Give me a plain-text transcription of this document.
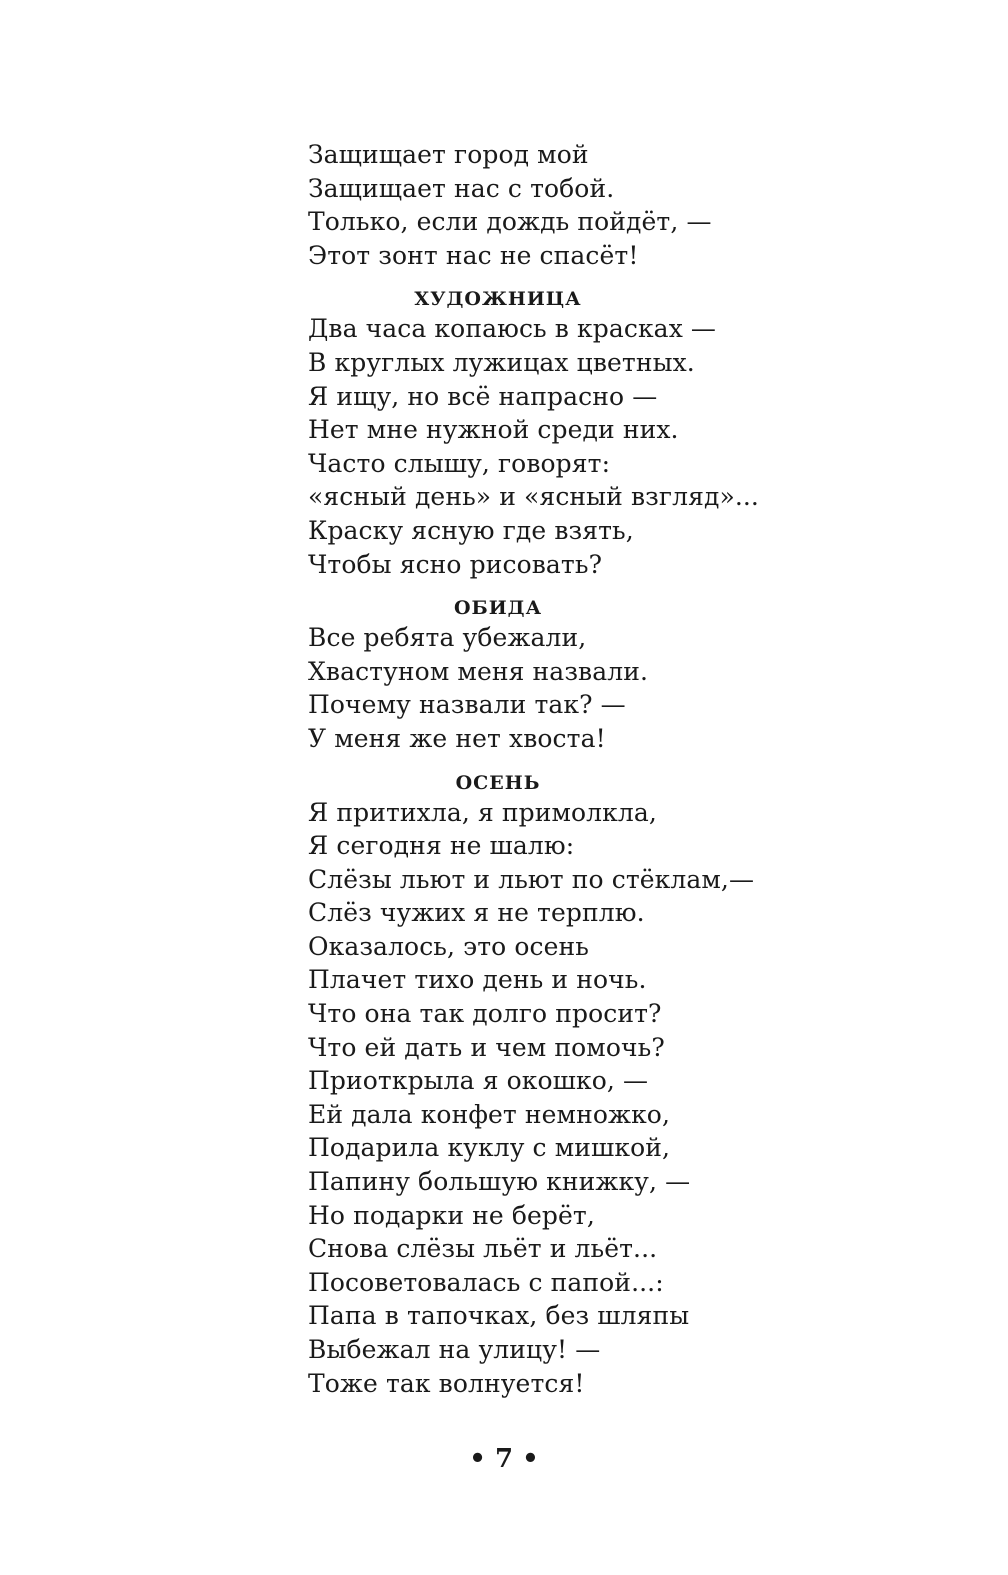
Защищает город мой
Защищает нас с тобой.
Только, если дождь пойдёт, —
Этот зонт нас не спасёт!
ХУДОЖНИЦА
Два часа копаюсь в красках —
В круглых лужицах цветных.
Я ищу, но всё напрасно —
Нет мне нужной среди них.
Часто слышу, говорят:
«ясный день» и «ясный взгляд»...
Краску ясную где взять,
Чтобы ясно рисовать?
ОБИДА
Все ребята убежали,
Хвастуном меня назвали.
Почему назвали так? —
У меня же нет хвоста!
ОСЕНЬ
Я притихла, я примолкла,
Я сегодня не шалю:
Слёзы льют и льют по стёклам,—
Слёз чужих я не терплю.
Оказалось, это осень
Плачет тихо день и ночь.
Что она так долго просит?
Что ей дать и чем помочь?
Приоткрыла я окошко, —
Ей дала конфет немножко,
Подарила куклу с мишкой,
Папину большую книжку, —
Но подарки не берёт,
Снова слёзы льёт и льёт...
Посоветовалась с папой...:
Папа в тапочках, без шляпы
Выбежал на улицу! —
Тоже так волнуется!
• 7 •
